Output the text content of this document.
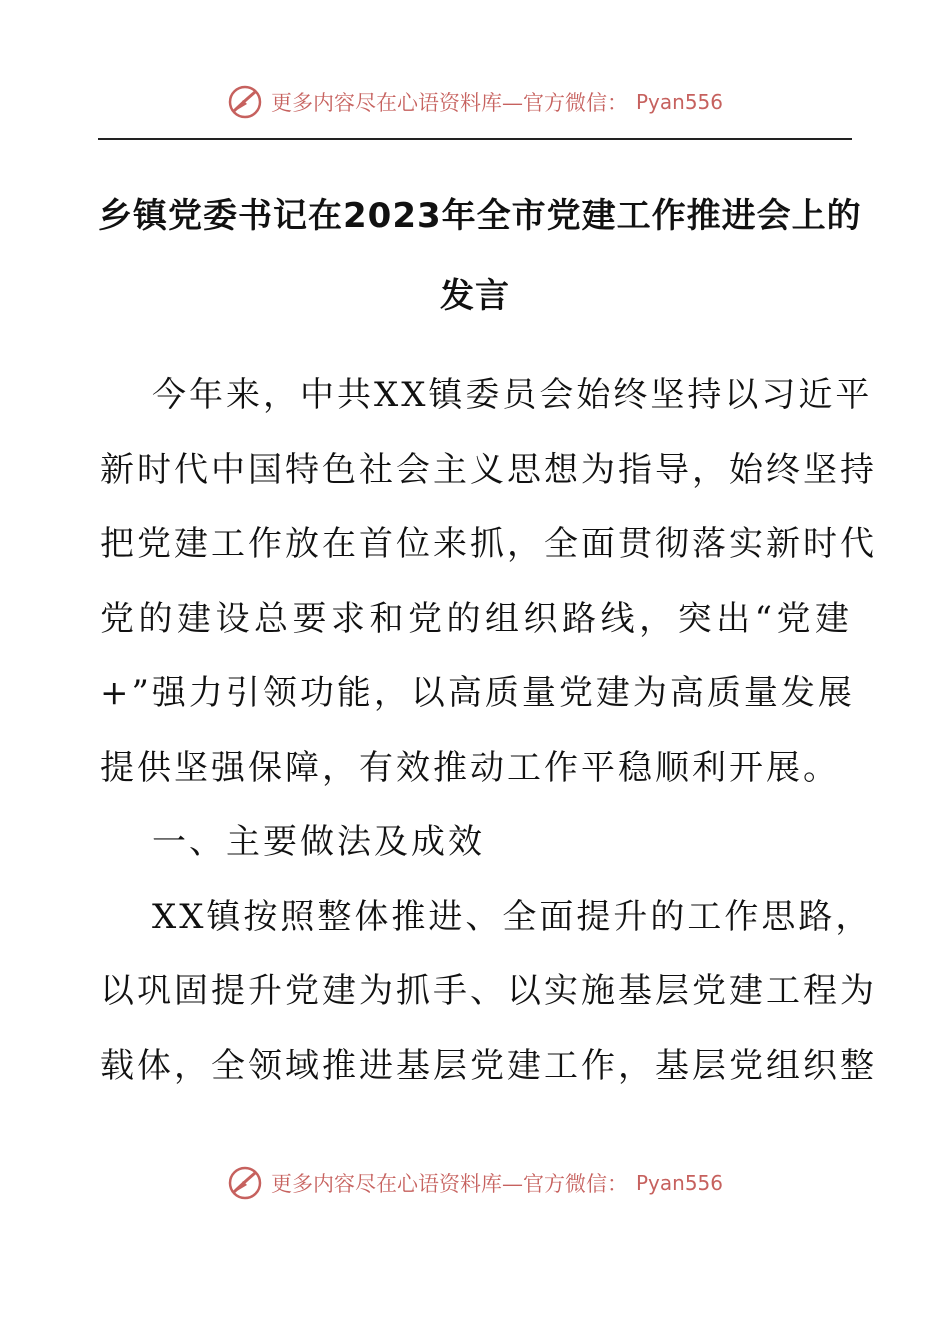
更多内容尽在心语资料库—官方微信： Pyan556
乡镇党委书记在2023年全市党建工作推进会上的
发言
今年来，中共XX镇委员会始终坚持以习近平
新时代中国特色社会主义思想为指导，始终坚持
把党建工作放在首位来抓，全面贯彻落实新时代
党的建设总要求和党的组织路线，突出“党建
+”强力引领功能，以高质量党建为高质量发展
提供坚强保障，有效推动工作平稳顺利开展。
一、主要做法及成效
XX镇按照整体推进、全面提升的工作思路，
以巩固提升党建为抓手、以实施基层党建工程为
载体，全领域推进基层党建工作，基层党组织整
更多内容尽在心语资料库—官方微信： Pyan556
